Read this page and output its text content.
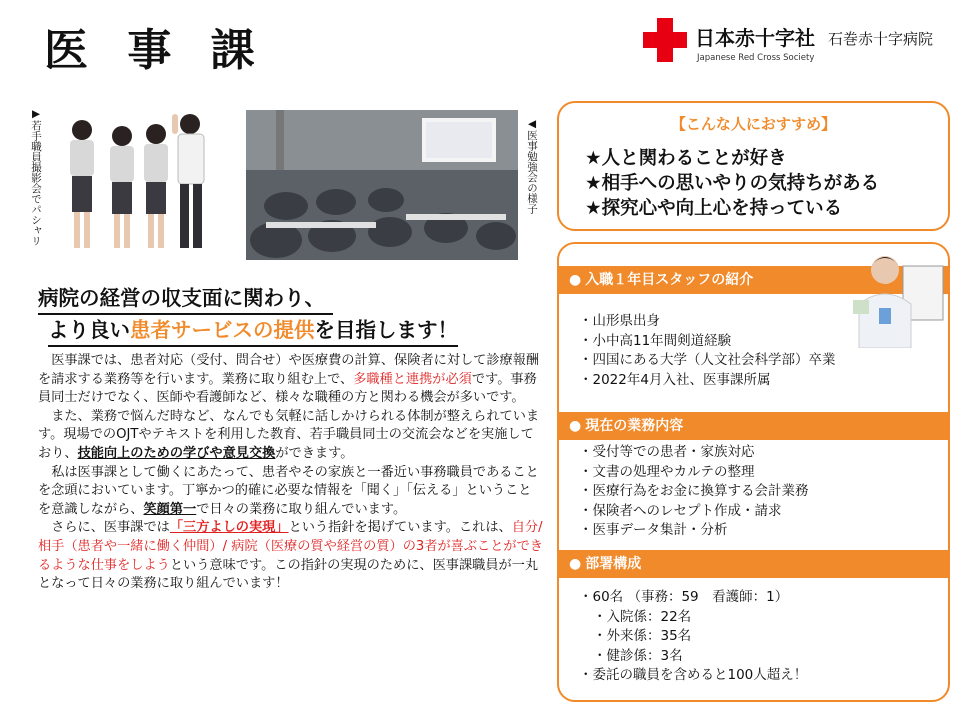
医 事 課	日本赤十字社
Japanese Red Cross Society
石巻赤十字病院
▶若手職員撮影会でパシャリ	◀医事勉強会の様子
病院の経営の収支面に関わり、
より良い患者サービスの提供を目指します！

　医事課では、患者対応（受付、問合せ）や医療費の計算、保険者に対して診療報酬を請求する業務等を行います。業務に取り組む上で、多職種と連携が必須です。事務員同士だけでなく、医師や看護師など、様々な職種の方と関わる機会が多いです。

　また、業務で悩んだ時など、なんでも気軽に話しかけられる体制が整えられています。現場でのOJTやテキストを利用した教育、若手職員同士の交流会などを実施しており、技能向上のための学びや意見交換ができます。

　私は医事課として働くにあたって、患者やその家族と一番近い事務職員であることを念頭においています。丁寧かつ的確に必要な情報を「聞く」「伝える」ということを意識しながら、笑顔第一で日々の業務に取り組んでいます。

　さらに、医事課では「三方よしの実現」という指針を掲げています。これは、自分/ 相手（患者や一緒に働く仲間）/ 病院（医療の質や経営の質）の3者が喜ぶことができるような仕事をしようという意味です。この指針の実現のために、医事課職員が一丸となって日々の業務に取り組んでいます！

【こんな人におすすめ】
★人と関わることが好き
★相手への思いやりの気持ちがある
★探究心や向上心を持っている
● 入職１年目スタッフの紹介
・山形県出身
・小中高11年間剣道経験
・四国にある大学（人文社会科学部）卒業
・2022年4月入社、医事課所属
● 現在の業務内容
・受付等での患者・家族対応
・文書の処理やカルテの整理
・医療行為をお金に換算する会計業務
・保険者へのレセプト作成・請求
・医事データ集計・分析
● 部署構成
・60名 （事務：59　看護師：1）
・入院係：22名
・外来係：35名
・健診係：3名
・委託の職員を含めると100人超え！
